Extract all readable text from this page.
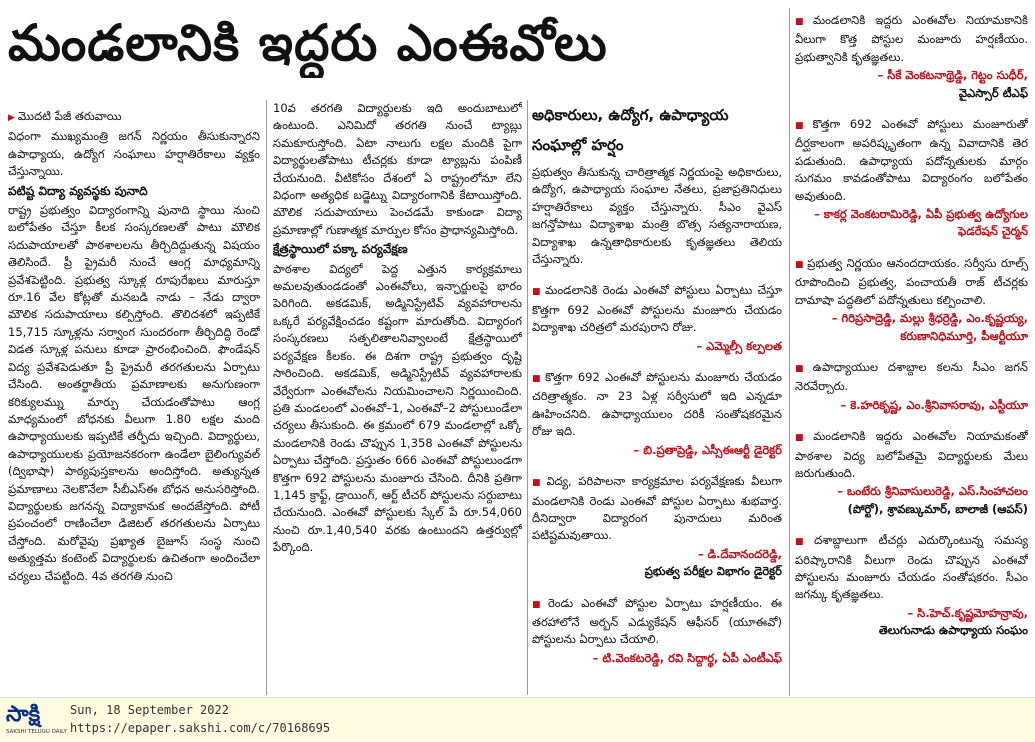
మండలానికి ఇద్దరు ఎంఈవోలు

▶ మొదటి పేజీ తరువాయి

విధంగా ముఖ్యమంత్రి జగన్ నిర్ణయం తీసుకున్నారని ఉపాధ్యాయ, ఉద్యోగ సంఘాలు హర్షాతిరేకాలు వ్యక్తం చేస్తున్నాయి.

పటిష్ట విద్యా వ్యవస్థకు పునాది

రాష్ట్ర ప్రభుత్వం విద్యారంగాన్ని పునాది స్థాయి నుంచి బలోపేతం చేస్తూ కీలక సంస్కరణలతో పాటు మౌలిక సదుపాయాలతో పాఠశాలలను తీర్చిదిద్దుతున్న విషయం తెలిసిందే. ప్రీ ప్రైమరీ నుంచే ఆంగ్ల మాధ్యమాన్ని ప్రవేశపెట్టింది. ప్రభుత్వ స్కూళ్ల రూపురేఖలు మారుస్తూ రూ.16 వేల కోట్లతో మనబడి నాడు – నేడు ద్వారా మౌలిక సదుపాయాలు కల్పిస్తోంది. తొలిదశలో ఇప్పటికే 15,715 స్కూళ్లను సర్వాంగ సుందరంగా తీర్చిదిద్ది రెండో విడత స్కూళ్ల పనులు కూడా ప్రారంభించింది. ఫౌండేషన్ విద్య ప్రవేశపెడుతూ ప్రీ ప్రైమరీ తరగతులను ఏర్పాటు చేసింది. అంతర్జాతీయ ప్రమాణాలకు అనుగుణంగా కరిక్యులమ్ను మార్పు చేయడంతోపాటు ఆంగ్ల మాధ్యమంలో బోధనకు వీలుగా 1.80 లక్షల మంది ఉపాధ్యాయులకు ఇప్పటికే తర్ఫీదు ఇచ్చింది. విద్యార్థులు, ఉపాధ్యాయులకు ప్రయోజనకరంగా ఉండేలా బైలింగ్యువల్ (ద్విభాషా) పాఠ్యపుస్తకాలను అందిస్తోంది. అత్యున్నత ప్రమాణాలు నెలకొనేలా సీబీఎస్ఈ బోధన అనుసరిస్తోంది. విద్యార్థులకు జగనన్న విద్యాకానుక అందజేస్తోంది. పోటీ ప్రపంచంలో రాణించేలా డిజిటల్ తరగతులను ఏర్పాటు చేస్తోంది. మరోవైపు ప్రఖ్యాత బైజూస్ సంస్థ నుంచి అత్యుత్తమ కంటెంట్ విద్యార్థులకు ఉచితంగా అందించేలా చర్యలు చేపట్టింది. 4వ తరగతి నుంచి

10వ తరగతి విద్యార్థులకు ఇది అందుబాటులో ఉంటుంది. ఎనిమిదో తరగతి నుంచే ట్యాబ్లు సమకూరుస్తోంది. ఏటా నాలుగు లక్షల మందికి పైగా విద్యార్థులతోపాటు టీచర్లకు కూడా ట్యాబ్లను పంపిణీ చేయనుంది. వీటికోసం దేశంలో ఏ రాష్ట్రంలోనూ లేని విధంగా అత్యధిక బడ్జెట్ను విద్యారంగానికి కేటాయిస్తోంది. మౌలిక సదుపాయాలు పెంచడమే కాకుండా విద్యా ప్రమాణాల్లో గుణాత్మక మార్పుల కోసం ప్రాధాన్యమిస్తోంది.

క్షేత్రస్థాయిలో పక్కా పర్యవేక్షణ

పాఠశాల విద్యలో పెద్ద ఎత్తున కార్యక్రమాలు అమలవుతుండడంతో ఎంఈవోలు, ఇన్ఛార్జులపై భారం పెరిగింది. అకడమిక్, అడ్మినిస్ట్రేటివ్ వ్యవహారాలను ఒక్కరే పర్యవేక్షించడం కష్టంగా మారుతోంది. విద్యారంగ సంస్కరణలు సత్ఫలితాలనివ్వాలంటే క్షేత్రస్థాయిలో పర్యవేక్షణ కీలకం. ఈ దిశగా రాష్ట్ర ప్రభుత్వం దృష్టి సారించింది. అకడమిక్, అడ్మినిస్ట్రేటివ్ వ్యవహారాలకు వేర్వేరుగా ఎంఈవోలను నియమించాలని నిర్ణయించింది. ప్రతి మండలంలో ఎంఈవో–1, ఎంఈవో–2 పోస్టులుండేలా చర్యలు తీసుకుంది. ఈ క్రమంలో 679 మండలాల్లో ఒక్కో మండలానికి రెండు చొప్పున 1,358 ఎంఈవో పోస్టులను ఏర్పాటు చేస్తోంది. ప్రస్తుతం 666 ఎంఈవో పోస్టులుండగా కొత్తగా 692 పోస్టులను మంజూరు చేసింది. దీనికి ప్రతిగా 1,145 క్రాఫ్ట్, డ్రాయింగ్, ఆర్ట్ టీచర్ పోస్టులను సర్దుబాటు చేయనుంది. ఎంఈవో పోస్టులకు స్కేల్ పే రూ.54,060 నుంచి రూ.1,40,540 వరకు ఉంటుందని ఉత్తర్వుల్లో పేర్కొంది.

అధికారులు, ఉద్యోగ, ఉపాధ్యాయ సంఘాల్లో హర్షం

ప్రభుత్వం తీసుకున్న చారిత్రాత్మక నిర్ణయంపై అధికారులు, ఉద్యోగ, ఉపాధ్యాయ సంఘాల నేతలు, ప్రజాప్రతినిధులు హర్షాతిరేకాలు వ్యక్తం చేస్తున్నారు. సీఎం వైఎస్ జగన్తోపాటు విద్యాశాఖ మంత్రి బొత్స సత్యనారాయణ, విద్యాశాఖ ఉన్నతాధికారులకు కృతజ్ఞతలు తెలియ చేస్తున్నారు.

■ మండలానికి రెండు ఎంఈవో పోస్టులు ఏర్పాటు చేస్తూ కొత్తగా 692 ఎంఈవో పోస్టులను మంజూరు చేయడం విద్యాశాఖ చరిత్రలో మరపురాని రోజు.

– ఎమ్మెల్సీ కల్పలత

■ కొత్తగా 692 ఎంఈవో పోస్టులను మంజూరు చేయడం చరిత్రాత్మకం. నా 23 ఏళ్ల సర్వీసులో ఇది ఎన్నడూ ఊహించనిది. ఉపాధ్యాయులం దరికీ సంతోషకరమైన రోజు ఇది.

– బి.ప్రతాప్రెడ్డి, ఎస్సీఈఆర్టీ డైరెక్టర్

■ విద్య, పరిపాలనా కార్యక్రమాల పర్యవేక్షణకు వీలుగా మండలానికి రెండు ఎంఈవో పోస్టుల ఏర్పాటు శుభవార్త. దీనిద్వారా విద్యారంగ పునాదులు మరింత పటిష్టమవుతాయి.

– డి.దేవానందరెడ్డి,
ప్రభుత్వ పరీక్షల విభాగం డైరెక్టర్

■ రెండు ఎంఈవో పోస్టుల ఏర్పాటు హర్షణీయం. ఈ తరహాలోనే అర్బన్ ఎడ్యుకేషన్ ఆఫీసర్ (యూఈవో) పోస్టులను ఏర్పాటు చేయాలి.

– టి.వెంకటరెడ్డి, రవి సిద్దార్థ, ఏపీ ఎంటీఎఫ్

■ మండలానికి ఇద్దరు ఎంఈవోల నియామకానికి వీలుగా కొత్త పోస్టుల మంజూరు హర్షణీయం. ప్రభుత్వానికి కృతజ్ఞతలు.

– సీకే వెంకటనాథ్రెడ్డి, గెట్టం సుధీర్,
వైఎస్సార్ టీఎఫ్

■ కొత్తగా 692 ఎంఈవో పోస్టులు మంజూరుతో దీర్ఘకాలంగా అపరిష్కృతంగా ఉన్న వివాదానికి తెర పడుతుంది. ఉపాధ్యాయ పదోన్నతులకు మార్గం సుగమం కావడంతోపాటు విద్యారంగం బలోపేతం అవుతుంది.

– కాకర్ల వెంకటరామిరెడ్డి, ఏపీ ప్రభుత్వ ఉద్యోగుల ఫెడరేషన్ చైర్మన్

■ ప్రభుత్వ నిర్ణయం ఆనందదాయకం. సర్వీసు రూల్స్ రూపొందించి ప్రభుత్వ, పంచాయతీ రాజ్ టీచర్లకు దామాషా పద్ధతిలో పదోన్నతులు కల్పించాలి.

– గిరిప్రసాద్రెడ్డి, మల్లు శ్రీధర్రెడ్డి, ఎం.కృష్ణయ్య, కరుణానిధిమూర్తి, పీఆర్టీయూ

■ ఉపాధ్యాయుల దశాబ్దాల కలను సీఎం జగన్ నెరవేర్చారు.

– కె.హరికృష్ణ, ఎం.శ్రీనివాసరావు, ఎస్టీయూ

■ మండలానికి ఇద్దరు ఎంఈవోల నియామకంతో పాఠశాల విద్య బలోపేతమై విద్యార్థులకు మేలు జరుగుతుంది.

– ఒంటేరు శ్రీనివాసులురెడ్డి, ఎస్.సింహాచలం
(పోర్టో), శ్రావణ్కుమార్, బాలాజీ (ఆపస్)

■ దశాబ్దాలుగా టీచర్లు ఎదుర్కొంటున్న సమస్య పరిష్కారానికి వీలుగా రెండు చొప్పున ఎంఈవో పోస్టులను మంజూరు చేయడం సంతోషకరం. సీఎం జగన్కు కృతజ్ఞతలు.

– సి.హెచ్.కృష్ణమోహన్రావు,
తెలుగునాడు ఉపాధ్యాయ సంఘం
సాక్షి
SAKSHI TELUGU DAILY
Sun, 18 September 2022
https://epaper.sakshi.com/c/70168695
